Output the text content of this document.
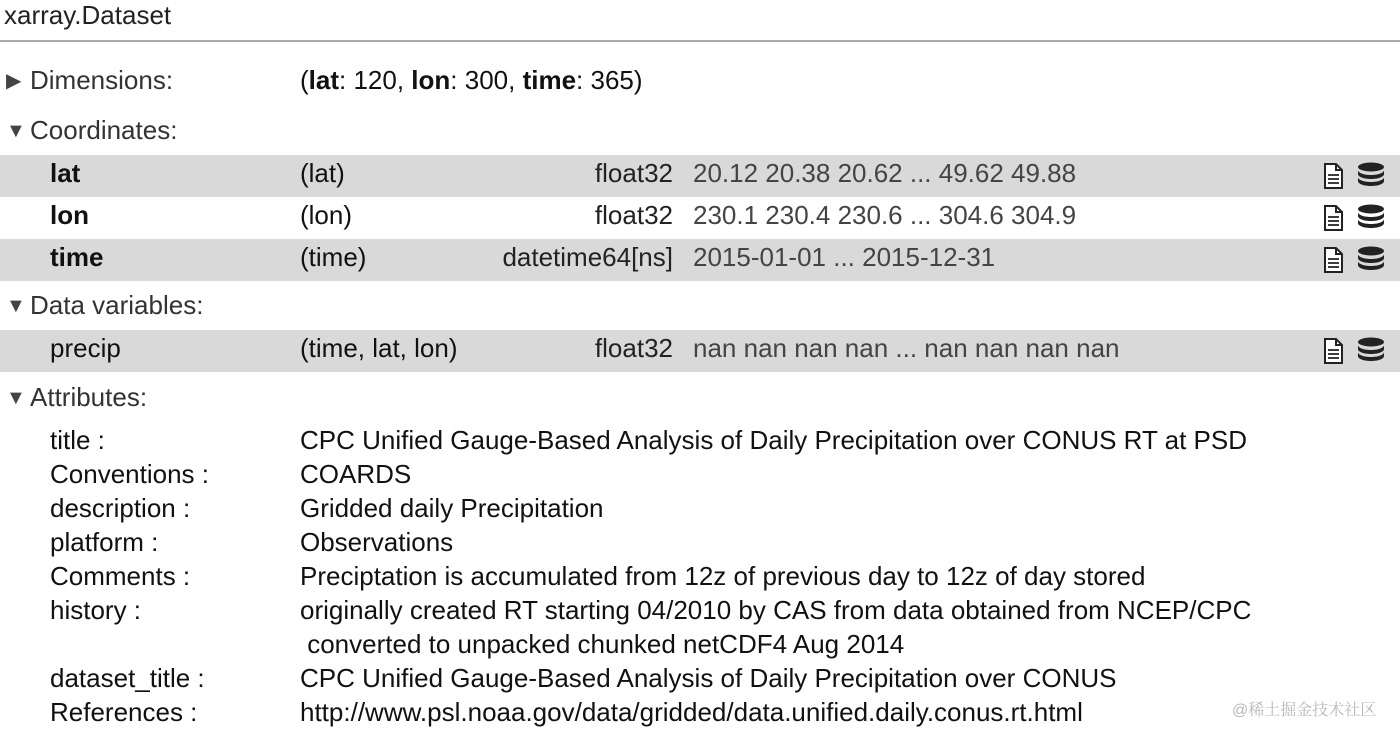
xarray.Dataset
▶ Dimensions:	(lat: 120, lon: 300, time: 365)
▼ Coordinates:
lat	(lat)	float32 20.12 20.38 20.62 ... 49.62 49.88
lon	(lon)	float32 230.1 230.4 230.6 ... 304.6 304.9
time	(time)	datetime64[ns] 2015-01-01 ... 2015-12-31
▼ Data variables:
precip	(time, lat, lon)	float32 nan nan nan nan ... nan nan nan nan
▼ Attributes:
title :	CPC Unified Gauge-Based Analysis of Daily Precipitation over CONUS RT at PSD
Conventions :	COARDS
description :	Gridded daily Precipitation
platform :	Observations
Comments :	Preciptation is accumulated from 12z of previous day to 12z of day stored
history :	originally created RT starting 04/2010 by CAS from data obtained from NCEP/CPC
converted to unpacked chunked netCDF4 Aug 2014
dataset_title :	CPC Unified Gauge-Based Analysis of Daily Precipitation over CONUS
References :	http://www.psl.noaa.gov/data/gridded/data.unified.daily.conus.rt.html	@稀土掘金技术社区
